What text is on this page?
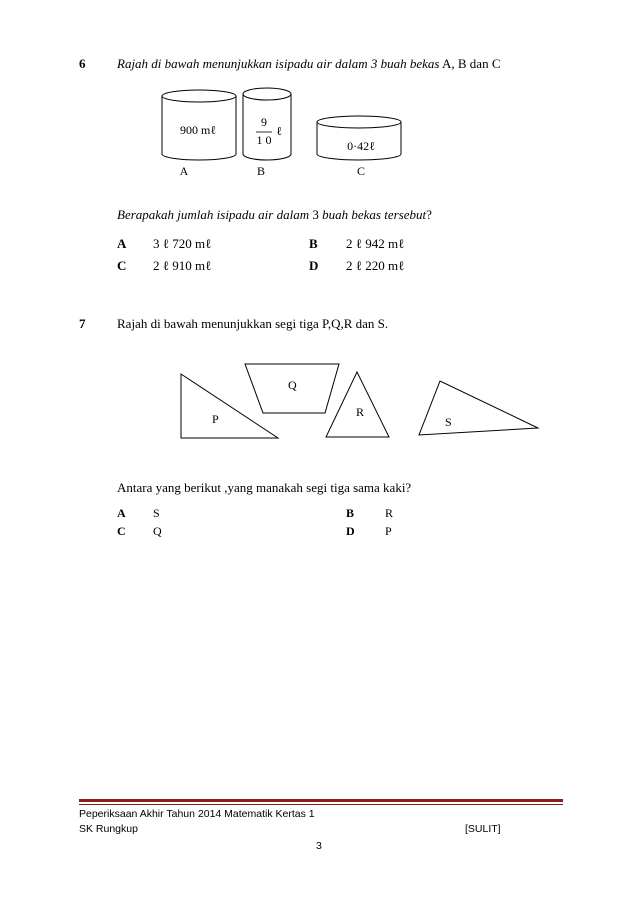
6 Rajah di bawah menunjukkan isipadu air dalam 3 buah bekas A, B dan C
900 mℓ
9
1 0
ℓ
0·42ℓ
A	B	C
Berapakah jumlah isipadu air dalam 3 buah bekas tersebut?
A 3 ℓ 720 mℓ	B 2 ℓ 942 mℓ
C 2 ℓ 910 mℓ	D 2 ℓ 220 mℓ
7 Rajah di bawah menunjukkan segi tiga P,Q,R dan S.
P
Q
R
S
Antara yang berikut ,yang manakah segi tiga sama kaki?
A S	B	R
C Q	D	P
Peperiksaan Akhir Tahun 2014 Matematik Kertas 1
SK Rungkup	[SULIT]
3
